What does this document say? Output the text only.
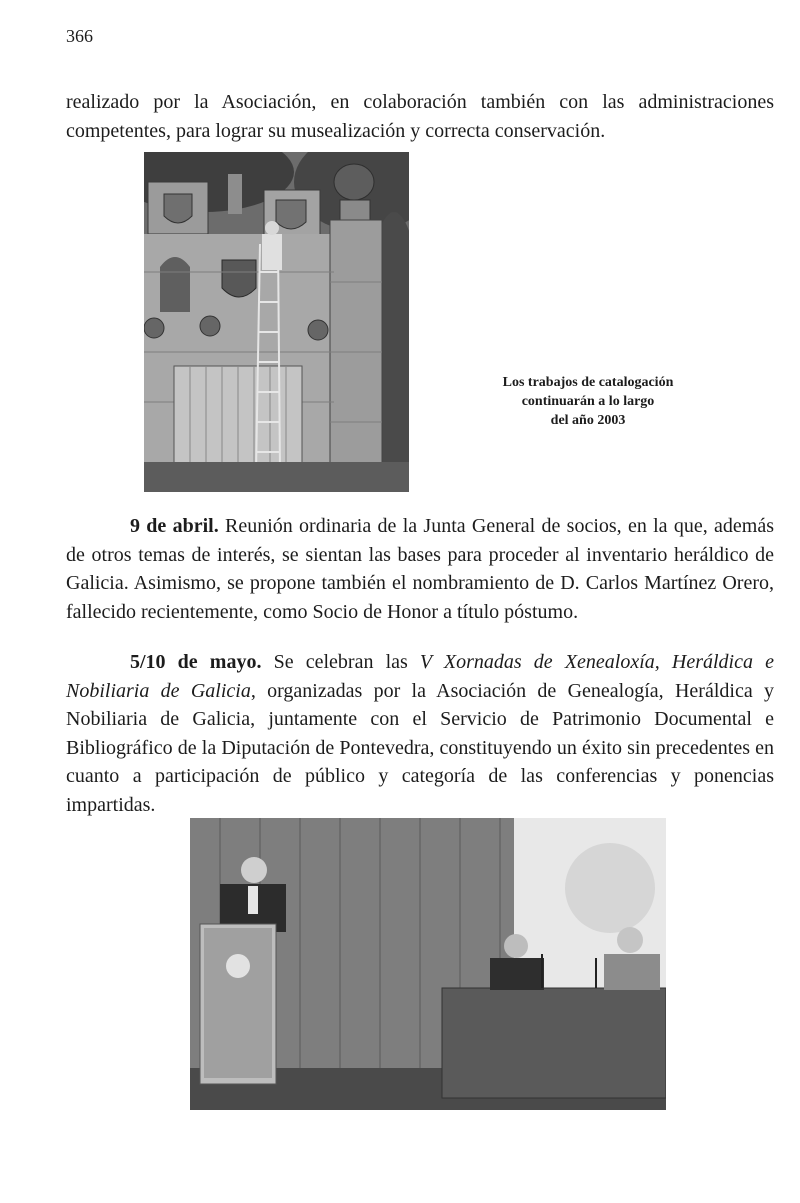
366

realizado por la Asociación, en colaboración también con las administraciones competentes, para lograr su musealización y correcta conservación.

Los trabajos de catalogación
continuarán a lo largo
del año 2003

9 de abril. Reunión ordinaria de la Junta General de socios, en la que, además de otros temas de interés, se sientan las bases para proceder al inventario heráldico de Galicia. Asimismo, se propone también el nombramiento de D. Carlos Martínez Orero, fallecido recientemente, como Socio de Honor a título póstumo.

5/10 de mayo. Se celebran las V Xornadas de Xenealoxía, Heráldica e Nobiliaria de Galicia, organizadas por la Asociación de Genealogía, Heráldica y Nobiliaria de Galicia, juntamente con el Servicio de Patrimonio Documental e Bibliográfico de la Diputación de Pontevedra, constituyendo un éxito sin precedentes en cuanto a participación de público y categoría de las conferencias y ponencias impartidas.
